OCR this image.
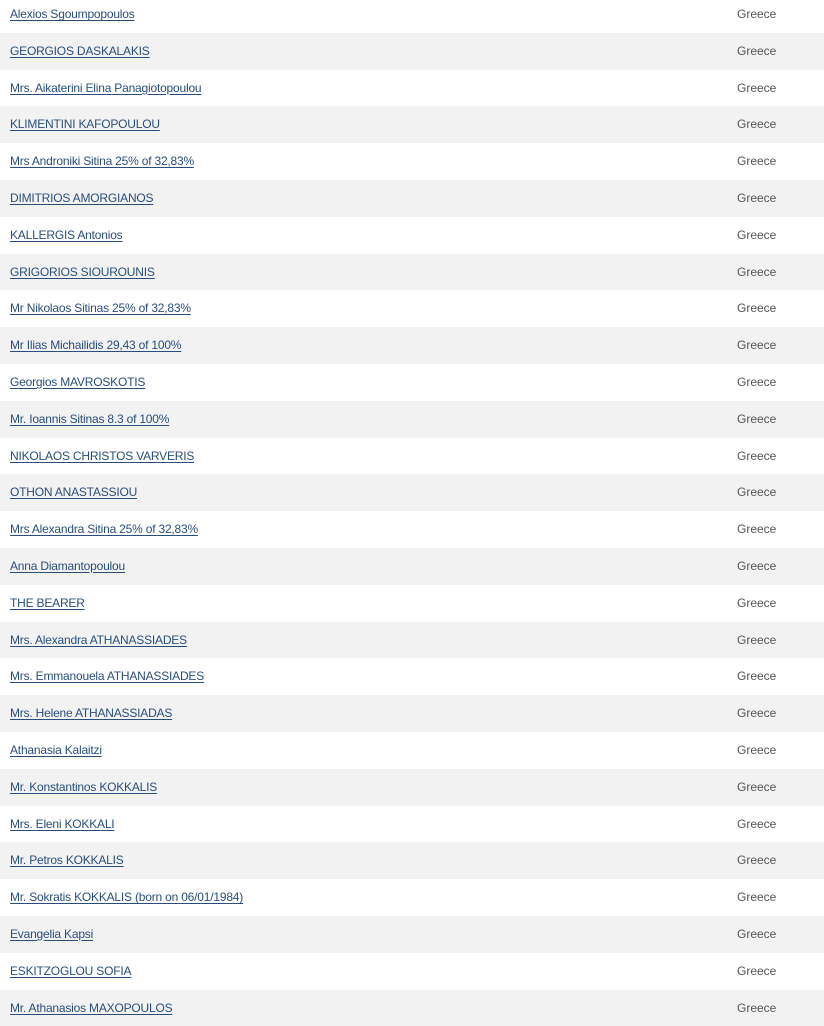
Alexios Sgoumpopoulos	Greece
GEORGIOS DASKALAKIS	Greece
Mrs. Aikaterini Elina Panagiotopoulou	Greece
KLIMENTINI KAFOPOULOU	Greece
Mrs Androniki Sitina 25% of 32,83%	Greece
DIMITRIOS AMORGIANOS	Greece
KALLERGIS Antonios	Greece
GRIGORIOS SIOUROUNIS	Greece
Mr Nikolaos Sitinas 25% of 32,83%	Greece
Mr Ilias Michailidis 29,43 of 100%	Greece
Georgios MAVROSKOTIS	Greece
Mr. Ioannis Sitinas 8.3 of 100%	Greece
NIKOLAOS CHRISTOS VARVERIS	Greece
OTHON ANASTASSIOU	Greece
Mrs Alexandra Sitina 25% of 32,83%	Greece
Anna Diamantopoulou	Greece
THE BEARER	Greece
Mrs. Alexandra ATHANASSIADES	Greece
Mrs. Emmanouela ATHANASSIADES	Greece
Mrs. Helene ATHANASSIADAS	Greece
Athanasia Kalaitzi	Greece
Mr. Konstantinos KOKKALIS	Greece
Mrs. Eleni KOKKALI	Greece
Mr. Petros KOKKALIS	Greece
Mr. Sokratis KOKKALIS (born on 06/01/1984)	Greece
Evangelia Kapsi	Greece
ESKITZOGLOU SOFIA	Greece
Mr. Athanasios MAXOPOULOS	Greece
